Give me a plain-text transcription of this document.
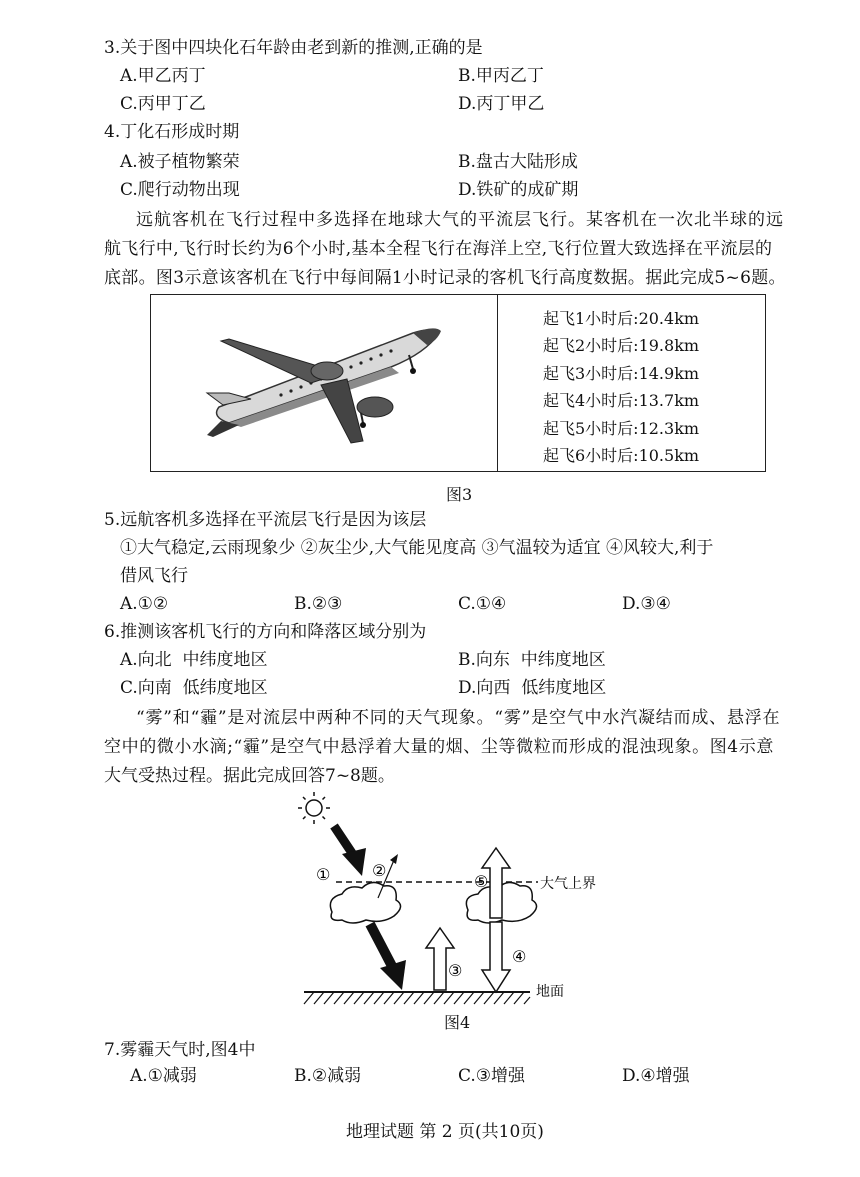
3.关于图中四块化石年龄由老到新的推测,正确的是
A.甲乙丙丁	B.甲丙乙丁
C.丙甲丁乙	D.丙丁甲乙
4.丁化石形成时期
A.被子植物繁荣	B.盘古大陆形成
C.爬行动物出现	D.铁矿的成矿期
远航客机在飞行过程中多选择在地球大气的平流层飞行。某客机在一次北半球的远
航飞行中,飞行时长约为6个小时,基本全程飞行在海洋上空,飞行位置大致选择在平流层的
底部。图3示意该客机在飞行中每间隔1小时记录的客机飞行高度数据。据此完成5~6题。
起飞1小时后:20.4km
起飞2小时后:19.8km
起飞3小时后:14.9km
起飞4小时后:13.7km
起飞5小时后:12.3km
起飞6小时后:10.5km
图3
5.远航客机多选择在平流层飞行是因为该层
①大气稳定,云雨现象少 ②灰尘少,大气能见度高 ③气温较为适宜 ④风较大,利于
借风飞行
A.①②	B.②③	C.①④	D.③④
6.推测该客机飞行的方向和降落区域分别为
A.向北  中纬度地区	B.向东  中纬度地区
C.向南  低纬度地区	D.向西  低纬度地区
“雾”和“霾”是对流层中两种不同的天气现象。“雾”是空气中水汽凝结而成、悬浮在
空中的微小水滴;“霾”是空气中悬浮着大量的烟、尘等微粒而形成的混浊现象。图4示意
大气受热过程。据此完成回答7~8题。
①	②
③
④
⑤	大气上界
地面
图4
7.雾霾天气时,图4中
A.①减弱	B.②减弱	C.③增强	D.④增强
地理试题 第 2 页(共10页)
